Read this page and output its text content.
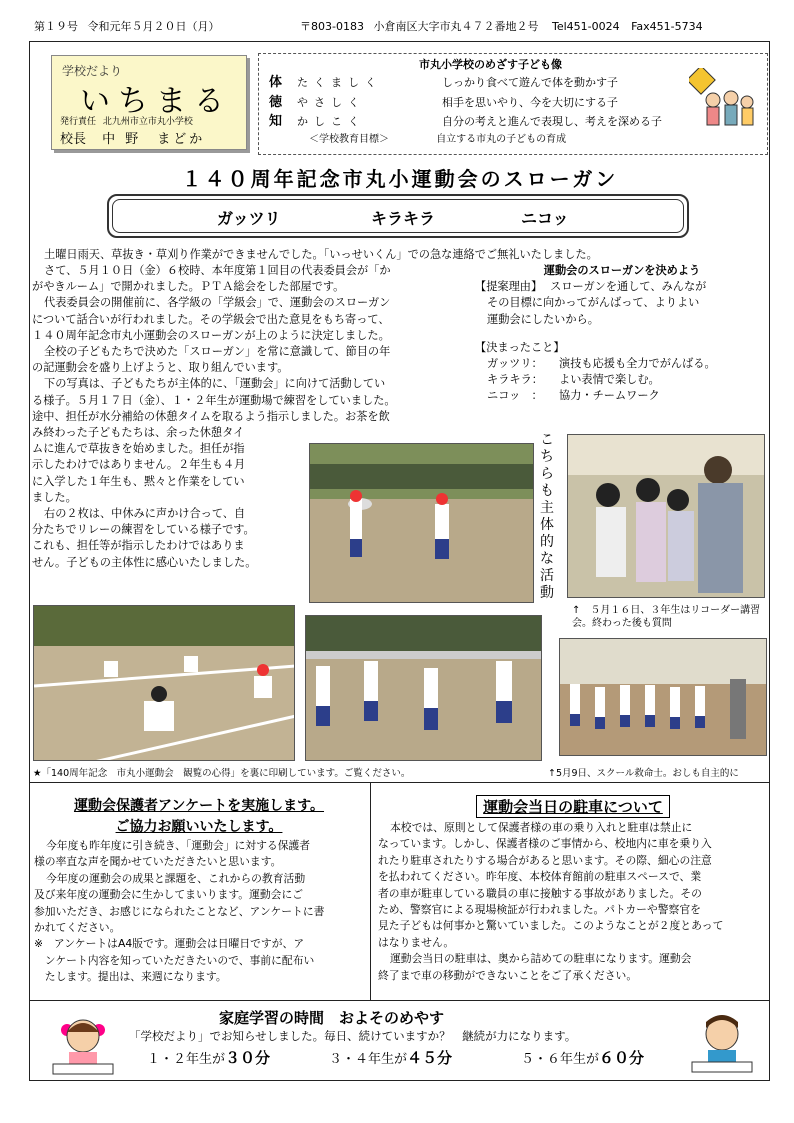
第１９号 令和元年５月２０日（月）	〒803-0183 小倉南区大字市丸４７２番地２号 Tel451-0024 Fax451-5734
学校だより
いちまる
発行責任 北九州市立市丸小学校
校長 中 野　まどか
市丸小学校のめざす子ども像
体 たくましく	しっかり食べて遊んで体を動かす子
徳 やさしく	相手を思いやり、今を大切にする子
知 かしこく	自分の考えと進んで表現し、考えを深める子
＜学校教育目標＞	自立する市丸の子どもの育成
１４０周年記念市丸小運動会のスローガン
ガッツリ	キラキラ	ニコッ
土曜日雨天、草抜き・草刈り作業ができませんでした。「いっせいくん」での急な連絡でご無礼いたしました。
さて、５月１０日（金）６校時、本年度第１回目の代表委員会が「か
がやきルーム」で開かれました。ＰＴＡ総会をした部屋です。
代表委員会の開催前に、各学級の「学級会」で、運動会のスローガン
について話合いが行われました。その学級会で出た意見をもち寄って、
１４０周年記念市丸小運動会のスローガンが上のように決定しました。
全校の子どもたちで決めた「スローガン」を常に意識して、節目の年
の記運動会を盛り上げようと、取り組んでいます。
下の写真は、子どもたちが主体的に、「運動会」に向けて活動してい
る様子。５月１７日（金）、１・２年生が運動場で練習をしていました。
途中、担任が水分補給の休憩タイムを取るよう指示しました。お茶を飲
み終わった子どもたちは、余った休憩タイ
ムに進んで草抜きを始めました。担任が指
示したわけではありません。２年生も４月
に入学した１年生も、黙々と作業をしてい
ました。
右の２枚は、中休みに声かけ合って、自
分たちでリレーの練習をしている様子です。
これも、担任等が指示したわけではありま
せん。子どもの主体性に感心いたしました。
運動会のスローガンを決めよう
【提案理由】 スローガンを通して、みんなが
その目標に向かってがんばって、よりよい
運動会にしたいから。
【決まったこと】
ガッツリ： 演技も応援も全力でがんばる。
キラキラ： よい表情で楽しむ。
ニコッ　： 協力・チームワーク
こちらも主体的な活動
↑　５月１６日、３年生はリコーダー講習会。終わった後も質問
★「140周年記念　市丸小運動会　観覧の心得」を裏に印刷しています。ご覧ください。	↑5月9日、スクール救命士。おしも自主的に
運動会保護者アンケートを実施します。
ご協力お願いいたします。
今年度も昨年度に引き続き、「運動会」に対する保護者
様の率直な声を聞かせていただきたいと思います。
今年度の運動会の成果と課題を、これからの教育活動
及び来年度の運動会に生かしてまいります。運動会にご
参加いただき、お感じになられたことなど、アンケートに書
かれてください。
※　アンケートはA4版です。運動会は日曜日ですが、ア
　ンケート内容を知っていただきたいので、事前に配布い
　たします。提出は、来週になります。
運動会当日の駐車について
本校では、原則として保護者様の車の乗り入れと駐車は禁止に
なっています。しかし、保護者様のご事情から、校地内に車を乗り入
れたり駐車されたりする場合があると思います。その際、細心の注意
を払われてください。昨年度、本校体育館前の駐車スペースで、業
者の車が駐車している職員の車に接触する事故がありました。その
ため、警察官による現場検証が行われました。パトカーや警察官を
見た子どもは何事かと驚いていました。このようなことが２度とあって
はなりません。
運動会当日の駐車は、奥から詰めての駐車になります。運動会
終了まで車の移動ができないことをご了承ください。
家庭学習の時間　およそのめやす
「学校だより」でお知らせしました。毎日、続けていますか？　継続が力になります。
１・２年生が３０分	３・４年生が４５分	５・６年生が６０分
